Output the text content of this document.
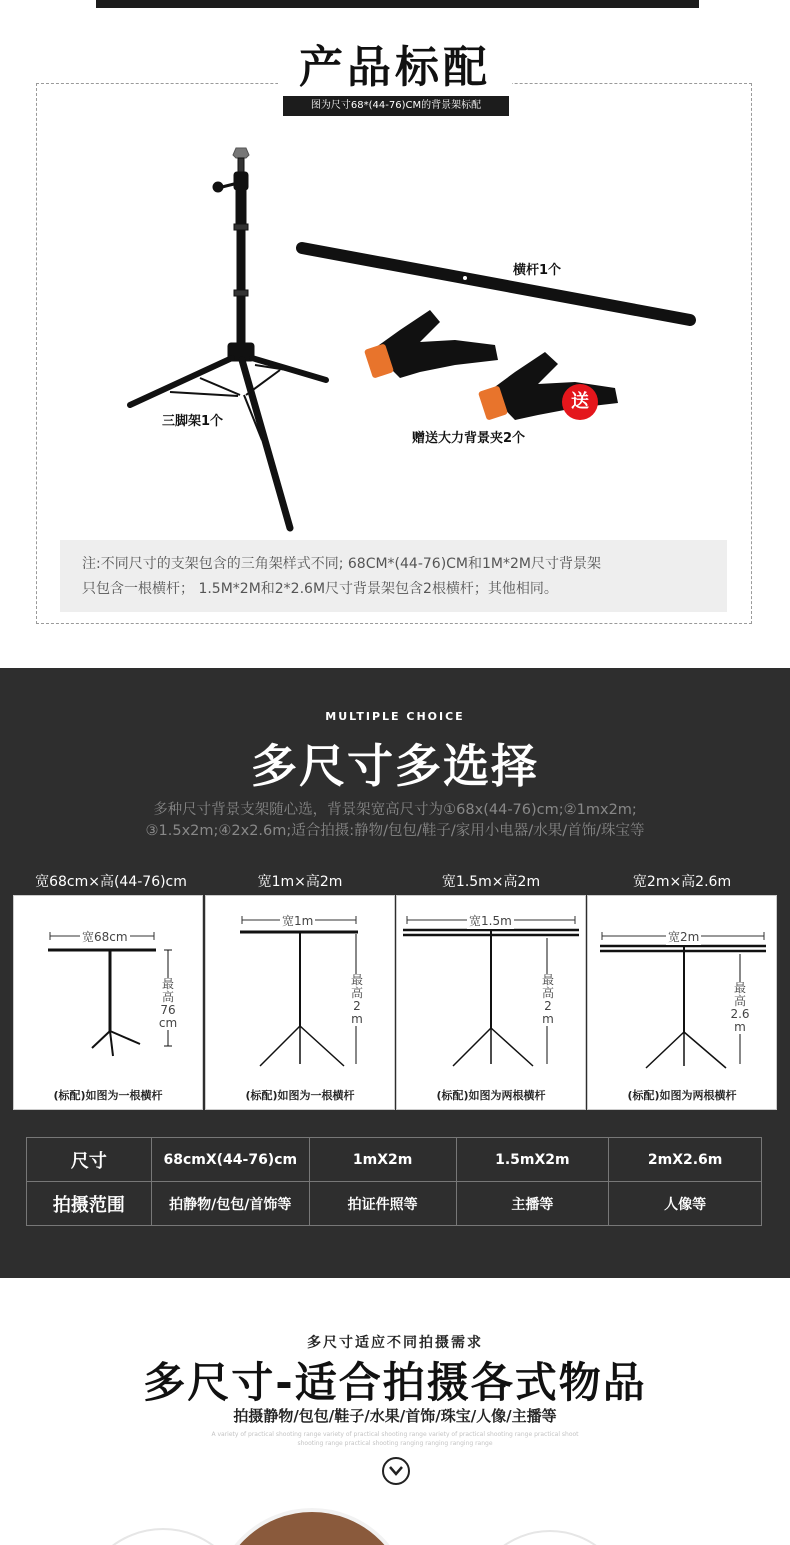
产品标配
图为尺寸68*(44-76)CM的背景架标配
送
横杆1个
三脚架1个
赠送大力背景夹2个
注:不同尺寸的支架包含的三角架样式不同; 68CM*(44-76)CM和1M*2M尺寸背景架
只包含一根横杆； 1.5M*2M和2*2.6M尺寸背景架包含2根横杆；其他相同。
MULTIPLE CHOICE
多尺寸多选择
多种尺寸背景支架随心选，背景架宽高尺寸为①68x(44-76)cm;②1mx2m;
③1.5x2m;④2x2.6m;适合拍摄:静物/包包/鞋子/家用小电器/水果/首饰/珠宝等
宽68cm×高(44-76)cm	宽1m×高2m	宽1.5m×高2m	宽2m×高2.6m
宽68cm
最
高
76
cm
(标配)如图为一根横杆
宽1m
最
高
2
m
(标配)如图为一根横杆
宽1.5m
最
高
2
m
(标配)如图为两根横杆
宽2m
最
高
2.6
m
(标配)如图为两根横杆
尺寸	68cmX(44-76)cm	1mX2m	1.5mX2m	2mX2.6m
拍摄范围	拍静物/包包/首饰等	拍证件照等	主播等	人像等
多尺寸适应不同拍摄需求
多尺寸-适合拍摄各式物品
拍摄静物/包包/鞋子/水果/首饰/珠宝/人像/主播等
A variety of practical shooting range variety of practical shooting range variety of practical shooting range practical shoot
shooting range practical shooting ranging ranging ranging range
